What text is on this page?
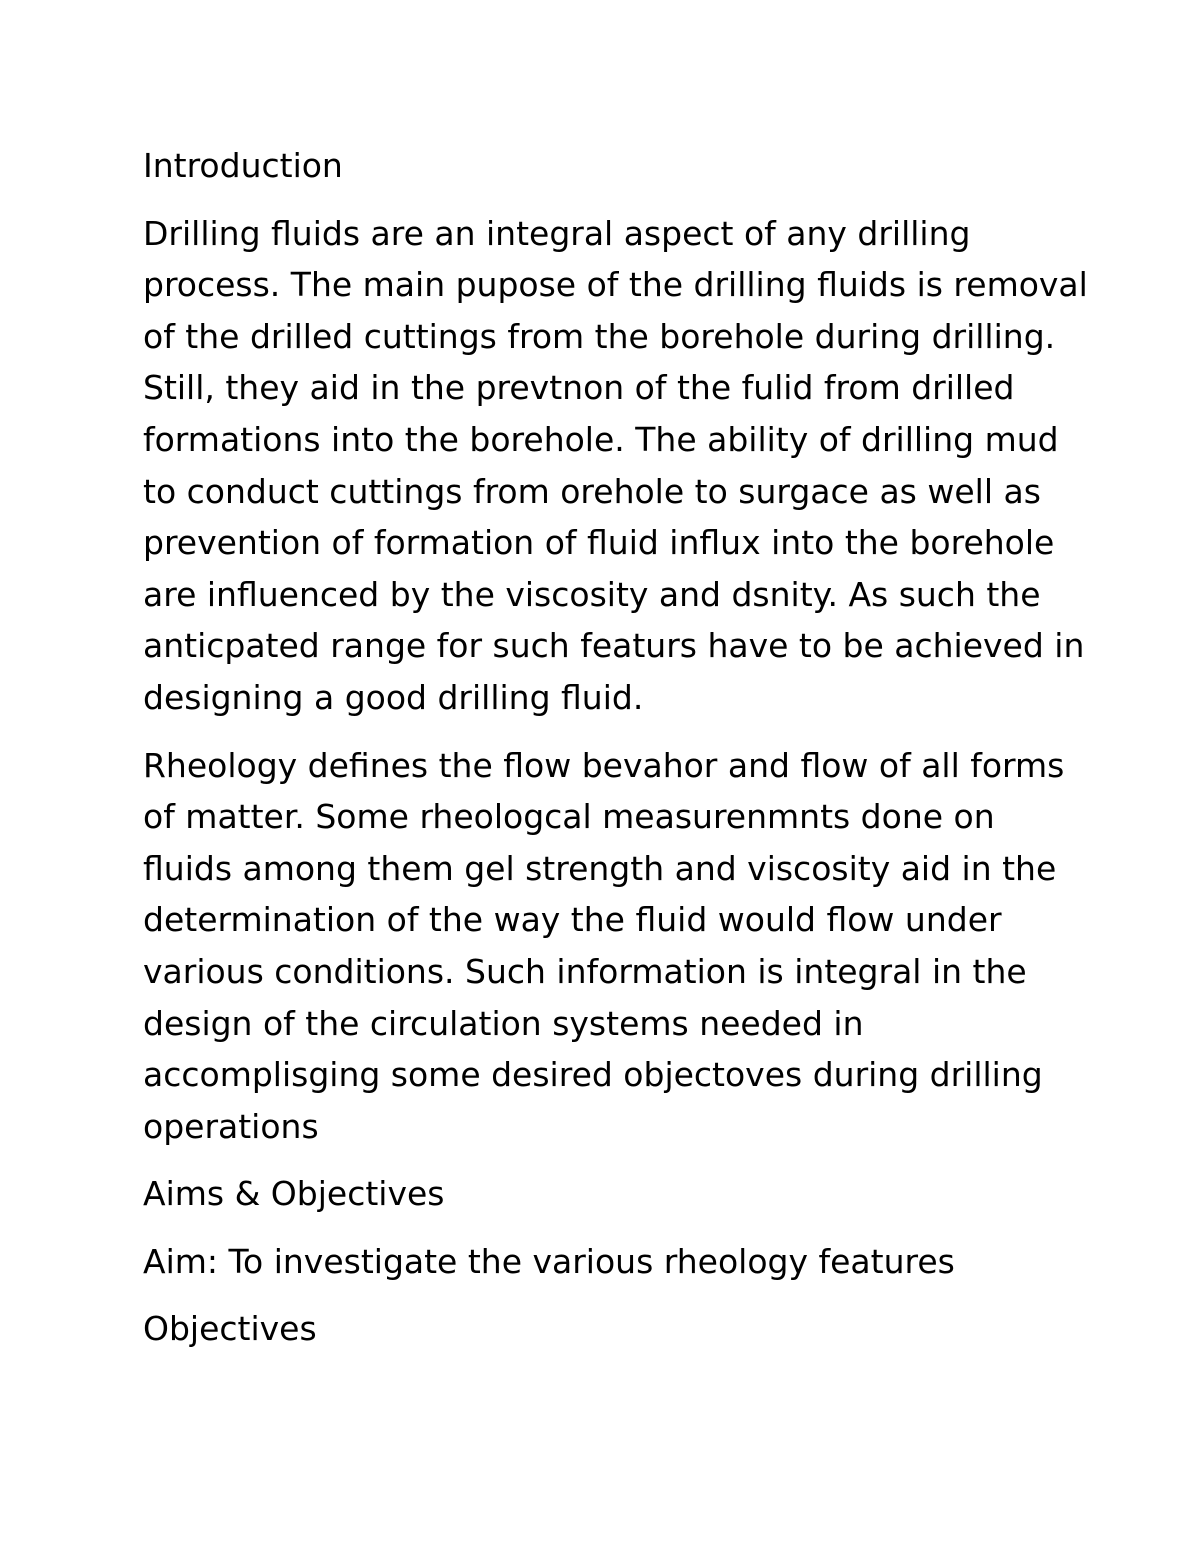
Introduction

Drilling fluids are an integral aspect of any drilling

process. The main pupose of the drilling fluids is removal

of the drilled cuttings from the borehole during drilling.

Still, they aid in the prevtnon of the fulid from drilled

formations into the borehole. The ability of drilling mud

to conduct cuttings from orehole to surgace as well as

prevention of formation of fluid influx into the borehole

are influenced by the viscosity and dsnity. As such the

anticpated range for such featurs have to be achieved in

designing a good drilling fluid.

Rheology defines the flow bevahor and flow of all forms

of matter. Some rheologcal measurenmnts done on

fluids among them gel strength and viscosity aid in the

determination of the way the fluid would flow under

various conditions. Such information is integral in the

design of the circulation systems needed in

accomplisging some desired objectoves during drilling

operations

Aims & Objectives

Aim: To investigate the various rheology features

Objectives
